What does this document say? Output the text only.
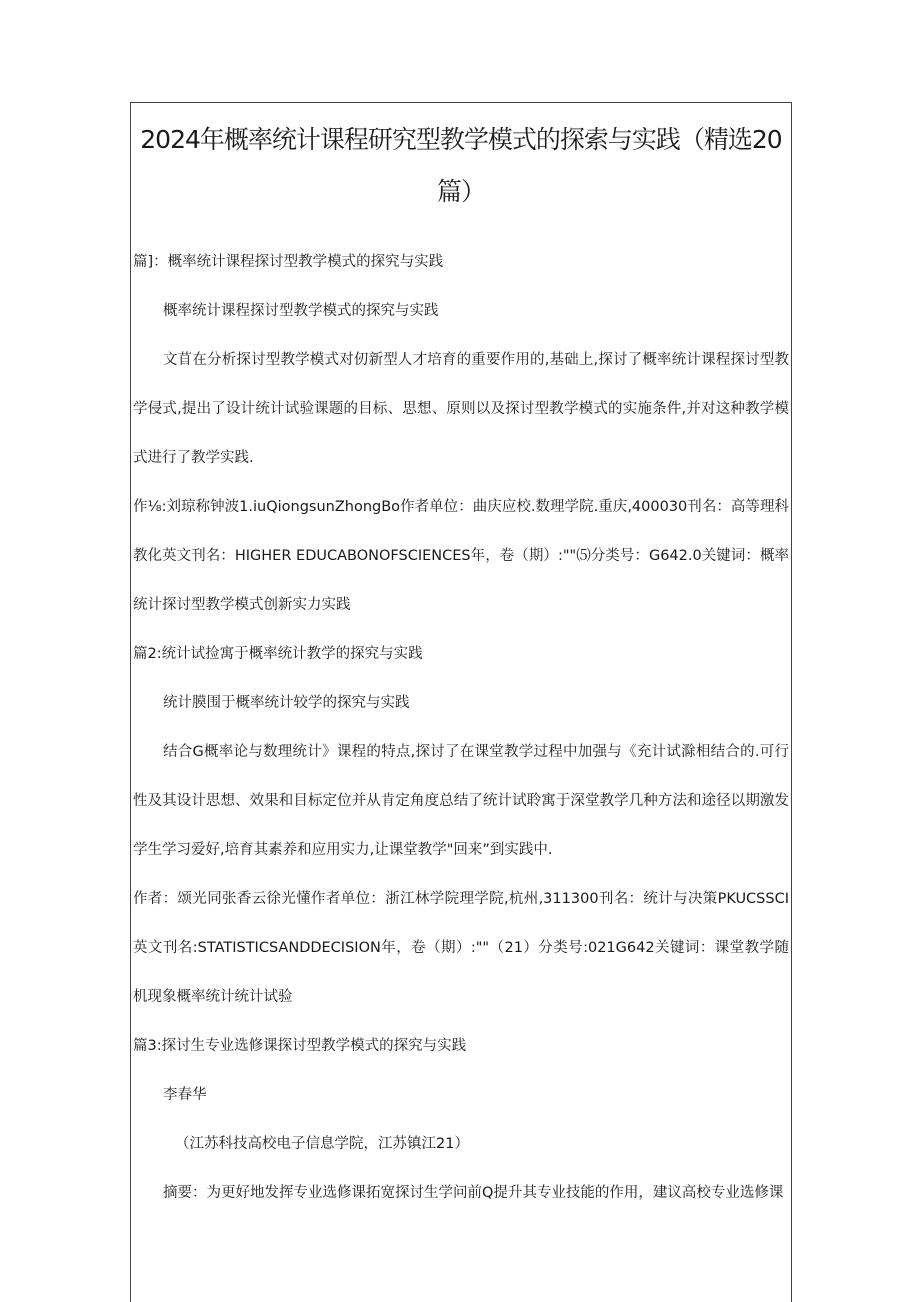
2024年概率统计课程研究型教学模式的探索与实践（精选20篇）

篇]：概率统计课程探讨型教学模式的探究与实践

概率统计课程探讨型教学模式的探究与实践

文苜在分析探讨型教学模式对仞新型人才培育的重要作用的,基础上,探讨了概率统计课程探讨型教学侵式,提出了设计统计试验课题的目标、思想、原则以及探讨型教学模式的实施条件,并对这种教学模式进行了教学实践.

作⅛:刘琼称钟波1.iuQiongsunZhongBo作者单位：曲庆应校.数理学院.重庆,400030刊名：高等理科教化英文刊名：HIGHER EDUCABONOFSCIENCES年，卷（期）:""⑸分类号：G642.0关键词：概率统计探讨型教学模式创新实力实践

篇2:统计试捡寓于概率统计教学的探究与实践

统计膜围于概率统计较学的探究与实践

结合G概率论与数理统计》课程的特点,探讨了在课堂教学过程中加强与《充计试滁相结合的.可行性及其设计思想、效果和目标定位并从肯定角度总结了统计试聆寓于深堂教学几种方法和途径以期激发学生学习爱好,培育其素养和应用实力,让课堂教学"回来”到实践中.

作者：颂光同张香云徐光懂作者单位：浙江林学院理学院,杭州,311300刊名：统计与决策PKUCSSCI英文刊名:STATISTICSANDDECISION年，卷（期）:""（21）分类号:021G642关键词：课堂教学随机现象概率统计统计试验

篇3:探讨生专业选修课探讨型教学模式的探究与实践

李春华

（江苏科技高校电子信息学院，江苏镇江21）

摘要：为更好地发挥专业选修课拓宽探讨生学问前Q提升其专业技能的作用，建议高校专业选修课
